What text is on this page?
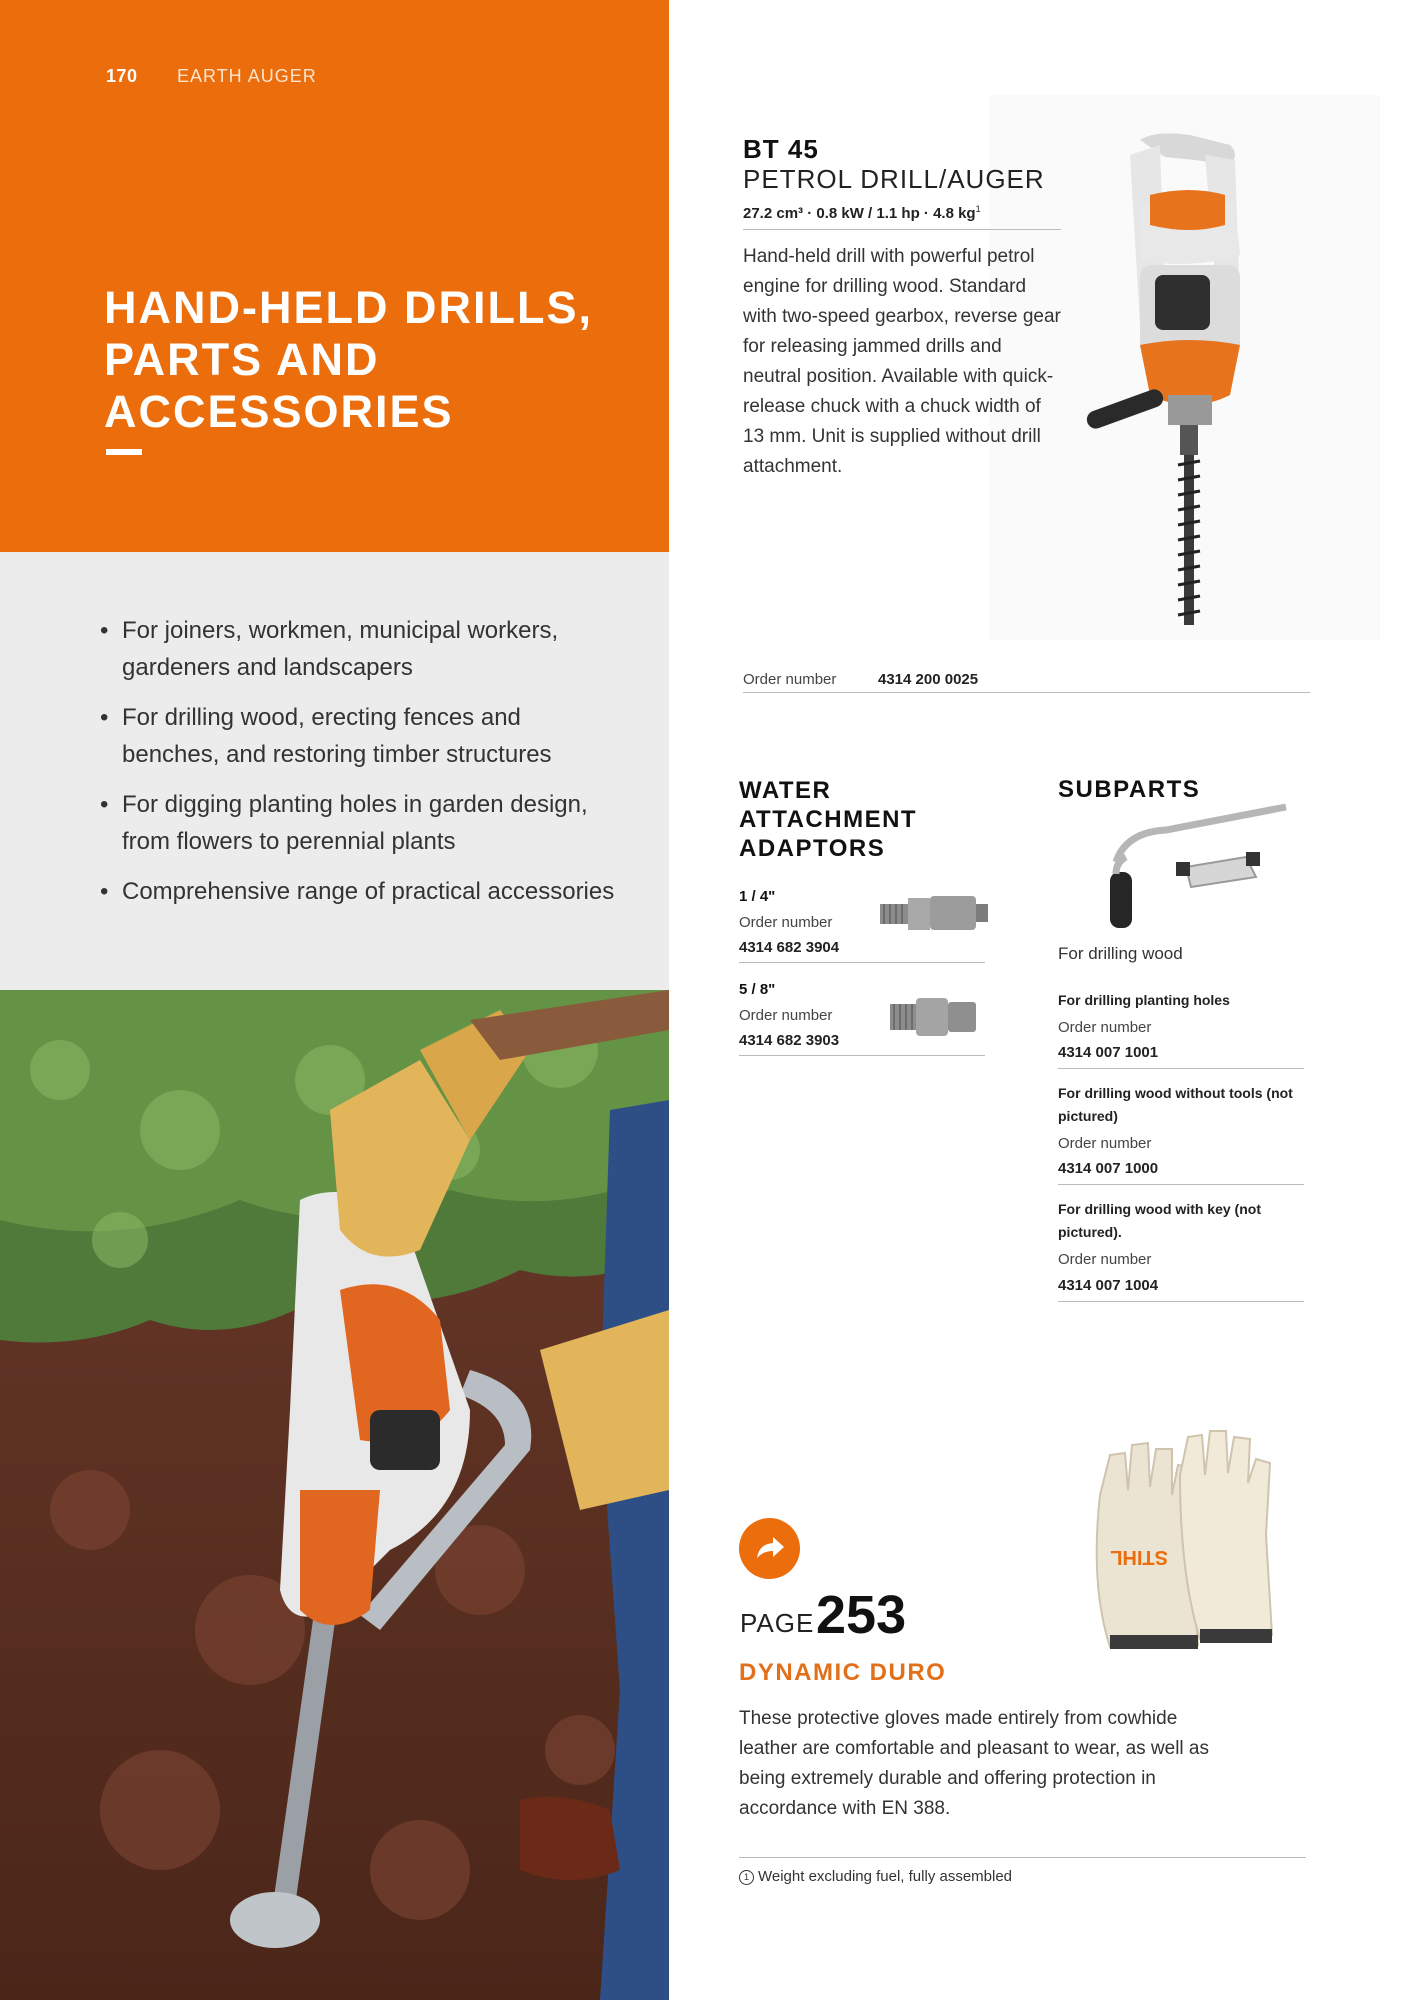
170 EARTH AUGER
HAND-HELD DRILLS, PARTS AND ACCESSORIES
• For joiners, workmen, municipal workers, gardeners and landscapers
• For drilling wood, erecting fences and benches, and restoring timber structures
• For digging planting holes in garden design, from flowers to perennial plants
• Comprehensive range of practical accessories
BT 45
PETROL DRILL/AUGER
27.2 cm³ · 0.8 kW / 1.1 hp · 4.8 $kg^1$
Hand-held drill with powerful petrol engine for drilling wood. Standard with two-speed gearbox, reverse gear for releasing jammed drills and neutral position. Available with quick-release chuck with a chuck width of 13 mm. Unit is supplied without drill attachment.
Order number	4314 200 0025
WATER ATTACHMENT ADAPTORS
1 / 4"
Order number
4314 682 3904
5 / 8"
Order number
4314 682 3903
SUBPARTS
For drilling wood
For drilling planting holes
Order number
4314 007 1001
For drilling wood without tools (not pictured)
Order number
4314 007 1000
For drilling wood with key (not pictured).
Order number
4314 007 1004
PAGE 253
STIHL
DYNAMIC DURO
These protective gloves made entirely from cowhide leather are comfortable and pleasant to wear, as well as being extremely durable and offering protection in accordance with EN 388.
1 Weight excluding fuel, fully assembled
